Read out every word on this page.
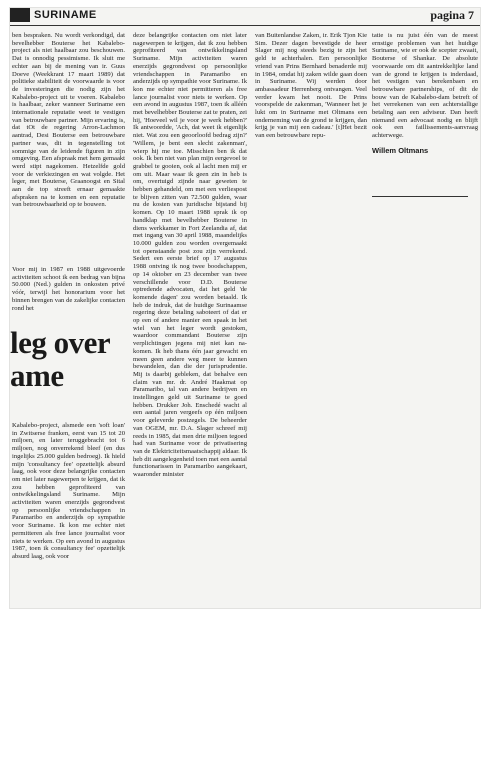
SURINAME	pagina 7

ben bespraken. Nu wordt verkondigd, dat bevelhebber Bouterse het Kabalebo-project als niet haalbaar zou beschouwen. Dat is onnodig pessimisme. Ik sluit me echter aan bij de mening van ir. Guus Doeve (Weekkrant 17 maart 1989) dat politieke stabiliteit de voorwaarde is voor de investeringen die nodig zijn het Kabalebo-project uit te voeren. Kabalebo is haalbaar, zeker wanneer Suriname een internationale reputatie weet te vestigen van betrouwbare partner. Mijn ervaring is, dat tOt de regering Arron-Lachmon aantrad, Desi Bouterse een betrouwbare partner was, dit in tegenstelling tot sommige van de leidende figuren in zijn omgeving. Een afspraak met hem gemaakt werd stipt nagekomen. Hetzelfde gold voor de verkiezingen en wat volgde. Het leger, met Bouterse, Graanoogst en Sital aan de top streeft ernaar gemaakte afspraken na te komen en een reputatie van betrouwbaarheid op te bouwen.

Voor mij in 1987 en 1988 uitgevoerde activiteiten schoot ik een bedrag van bijna 50.000 (Ned.) gulden in onkosten privé vóór, terwijl het honorarium voor het binnen brengen van de zakelijke contacten rond het

leg over
ame

Kabalebo-project, alsmede een 'soft loan' in Zwitserse franken, eerst van 15 tot 20 miljoen, en later teruggebracht tot 6 miljoen, nog onverrekend bleef (en dus ingelijks 25.000 gulden bedroeg). Ik hield mijn 'consultancy fee' opzettelijk absurd laag, ook voor deze belangrijke contacten om niet later nagewerpen te krijgen, dat ik zou hebben geprofiteerd van ontwikkelingsland Suriname. Mijn activiteiten waren enerzijds gegrondvest op persoonlijke vriendschappen in Paramaribo en anderzijds op sympathie voor Suriname. Ik kon me echter niet permitteren als free lance journalist voor niets te werken. Op een avond in augustus 1987, toen ik consultancy fee' opzettelijk absurd laag, ook voor

deze belangrijke contacten om niet later nagewerpen te krijgen, dat ik zou hebben geprofiteerd van ontwikkelingsland Suriname. Mijn activiteiten waren enerzijds gegrondvest op persoonlijke vriendschappen in Paramaribo en anderzijds op sympathie voor Suriname. Ik kon me echter niet permitteren als free lance journalist voor niets te werken. Op een avond in augustus 1987, toen ik alléén met bevelhebber Bouterse zat te praten, zei hij, 'Hoeveel wil je voor je werk hebben?' Ik antwoordde, 'Ach, dat weet ik eigenlijk niet. Wat zou een geoorloofd bedrag zijn?' 'Willem, je bent een slecht zakenman', wierp hij me toe. Misschien ben ik dat ook. Ik ben niet van plan mijn eergevoel te grabbel te gooien, ook al lacht men mij er om uit. Maar waar ik geen zin in heb is om, overtuigd zijnde naar geweten te hebben gehandeld, om met een verliespost te blijven zitten van 72.500 gulden, waar nu de kosten van juridische bijstand bij komen. Op 10 maart 1988 sprak ik op handklap met bevelhebber Bouterse in diens werkkamer in Fort Zeelandia af, dat met ingang van 30 april 1988, maandelijks 10.000 gulden zou worden overgemaakt tot openstaande post zou zijn verrekend. Sedert een eerste brief op 17 augustus 1988 ontving ik nog twee boodschappen, op 14 oktober en 23 december van twee verschillende voor D.D. Bouterse optredende advocaten, dat het geld 'de komende dagen' zou worden betaald. Ik heb de indruk, dat de huidige Surinaamse regering deze betaling saboteert of dat er op een of andere manier een spaak in het wiel van het leger wordt gestoken, waardoor commandant Bouterse zijn verplichtingen jegens mij niet kan na-komen. Ik heb thans één jaar gewacht en meen geen andere weg meer te kunnen bewandelen, dan die der jurisprudentie. Mij is daarbij gebleken, dat behalve een claim van mr. dr. André Haakmat op Paramaribo, tal van andere bedrijven en instellingen geld uit Suriname te goed hebben. Drukker Joh. Enschedé wacht al een aantal jaren vergeefs op één miljoen voor geleverde postzegels. De beheerder van OGEM, mr. D.A. Slager schreef mij reeds in 1985, dat men drie miljoen tegoed had van Suriname voor de privatisering van de Elektriciteitsmaatschappij aldaar. Ik heb dit aangelegenheid toen met een aantal functionarissen in Paramaribo aangekaart, waaronder minister

van Buitenlandse Zaken, ir. Erik Tjon Kie Sim. Dezer dagen bevestigde de heer Slager mij nog steeds bezig te zijn het geld te achterhalen. Een persoonlijke vriend van Prins Bernhard benaderde mij in 1984, omdat hij zaken wilde gaan doen in Suriname. Wij werden door ambassadeur Herrenberg ontvangen. Veel verder kwam het nooit. De Prins voorspelde de zakenman, 'Wanneer het je lukt om in Suriname met Oltmans een onderneming van de grond te krijgen, dan krijg je van mij een cadeau.' [t]Het bezit van een betrouwbare repu-

tatie is nu juist één van de meest ernstige problemen van het huidige Suriname, wie er ook de scepter zwaait, Bouterse of Shankar. De absolute voorwaarde om dit aantrekkelijke land van de grond te krijgen is inderdaad, het vestigen van berekenbaen en betrouwbare partnerships, of dit de bouw van de Kabalebo-dam betreft of het verrekenen van een achterstallige betaling aan een adviseur. Dan heeft niemand een advocaat nodig en blijft ook een faillissements-aanvraag achterwege.

Willem Oltmans
